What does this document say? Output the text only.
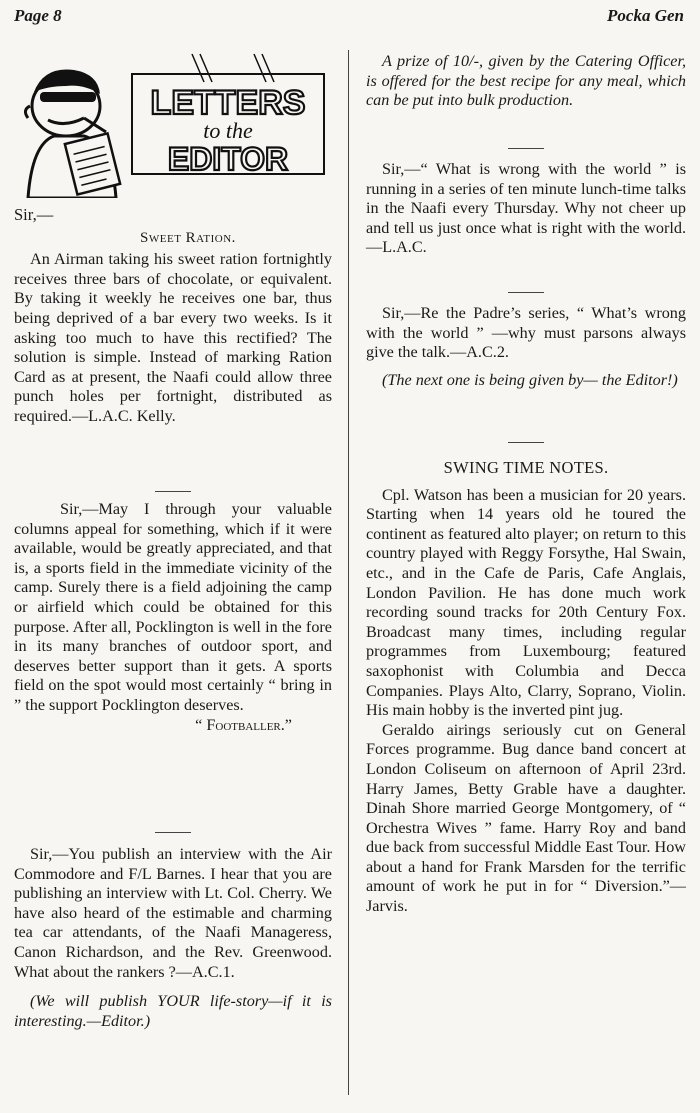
Page 8	Pocka Gen
LETTERS
to the
EDITOR

Sir,—

Sweet Ration.

An Airman taking his sweet ration fortnightly receives three bars of chocolate, or equivalent. By taking it weekly he receives one bar, thus being deprived of a bar every two weeks. Is it asking too much to have this rectified? The solution is simple. Instead of marking Ration Card as at present, the Naafi could allow three punch holes per fortnight, distributed as required.—L.A.C. Kelly.

Sir,—May I through your valuable columns appeal for something, which if it were available, would be greatly appreciated, and that is, a sports field in the immediate vicinity of the camp. Surely there is a field adjoining the camp or airfield which could be obtained for this purpose. After all, Pocklington is well in the fore in its many branches of outdoor sport, and deserves better support than it gets. A sports field on the spot would most certainly “ bring in ” the support Pocklington deserves.

“ Footballer.”

Sir,—You publish an interview with the Air Commodore and F/L Barnes. I hear that you are publishing an interview with Lt. Col. Cherry. We have also heard of the estimable and charming tea car attendants, of the Naafi Manageress, Canon Richardson, and the Rev. Greenwood. What about the rankers ?—A.C.1.

(We will publish YOUR life-story—if it is interesting.—Editor.)

A prize of 10/-, given by the Catering Officer, is offered for the best recipe for any meal, which can be put into bulk production.

Sir,—“ What is wrong with the world ” is running in a series of ten minute lunch-time talks in the Naafi every Thursday. Why not cheer up and tell us just once what is right with the world.—L.A.C.

Sir,—Re the Padre’s series, “ What’s wrong with the world ” —why must parsons always give the talk.—A.C.2.

(The next one is being given by— the Editor!)

SWING TIME NOTES.

Cpl. Watson has been a musician for 20 years. Starting when 14 years old he toured the continent as featured alto player; on return to this country played with Reggy Forsythe, Hal Swain, etc., and in the Cafe de Paris, Cafe Anglais, London Pavilion. He has done much work recording sound tracks for 20th Century Fox. Broadcast many times, including regular programmes from Luxembourg; featured saxophonist with Columbia and Decca Companies. Plays Alto, Clarry, Soprano, Violin. His main hobby is the inverted pint jug.

Geraldo airings seriously cut on General Forces programme. Bug dance band concert at London Coliseum on afternoon of April 23rd. Harry James, Betty Grable have a daughter. Dinah Shore married George Montgomery, of “ Orchestra Wives ” fame. Harry Roy and band due back from successful Middle East Tour. How about a hand for Frank Marsden for the terrific amount of work he put in for “ Diversion.”—Jarvis.
